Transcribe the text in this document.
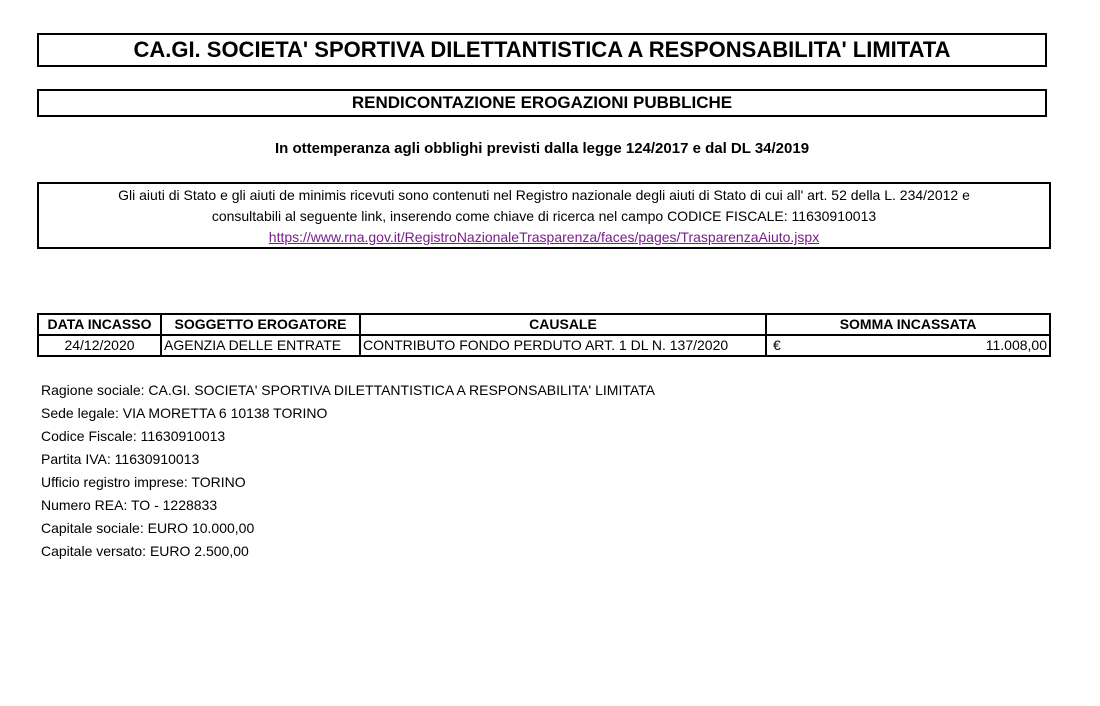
CA.GI. SOCIETA' SPORTIVA DILETTANTISTICA A RESPONSABILITA' LIMITATA
RENDICONTAZIONE EROGAZIONI PUBBLICHE
In ottemperanza agli obblighi previsti dalla legge 124/2017 e dal DL 34/2019
Gli aiuti di Stato e gli aiuti de minimis ricevuti sono contenuti nel Registro nazionale degli aiuti di Stato di cui all' art. 52 della L. 234/2012 e
consultabili al seguente link, inserendo come chiave di ricerca nel campo CODICE FISCALE: 11630910013
https://www.rna.gov.it/RegistroNazionaleTrasparenza/faces/pages/TrasparenzaAiuto.jspx
DATA INCASSO	SOGGETTO EROGATORE	CAUSALE	SOMMA INCASSATA
24/12/2020	AGENZIA DELLE ENTRATE	CONTRIBUTO FONDO PERDUTO ART. 1 DL N. 137/2020	€ 11.008,00
Ragione sociale: CA.GI. SOCIETA' SPORTIVA DILETTANTISTICA A RESPONSABILITA' LIMITATA
Sede legale: VIA MORETTA 6 10138 TORINO
Codice Fiscale: 11630910013
Partita IVA: 11630910013
Ufficio registro imprese: TORINO
Numero REA: TO - 1228833
Capitale sociale: EURO 10.000,00
Capitale versato: EURO 2.500,00
